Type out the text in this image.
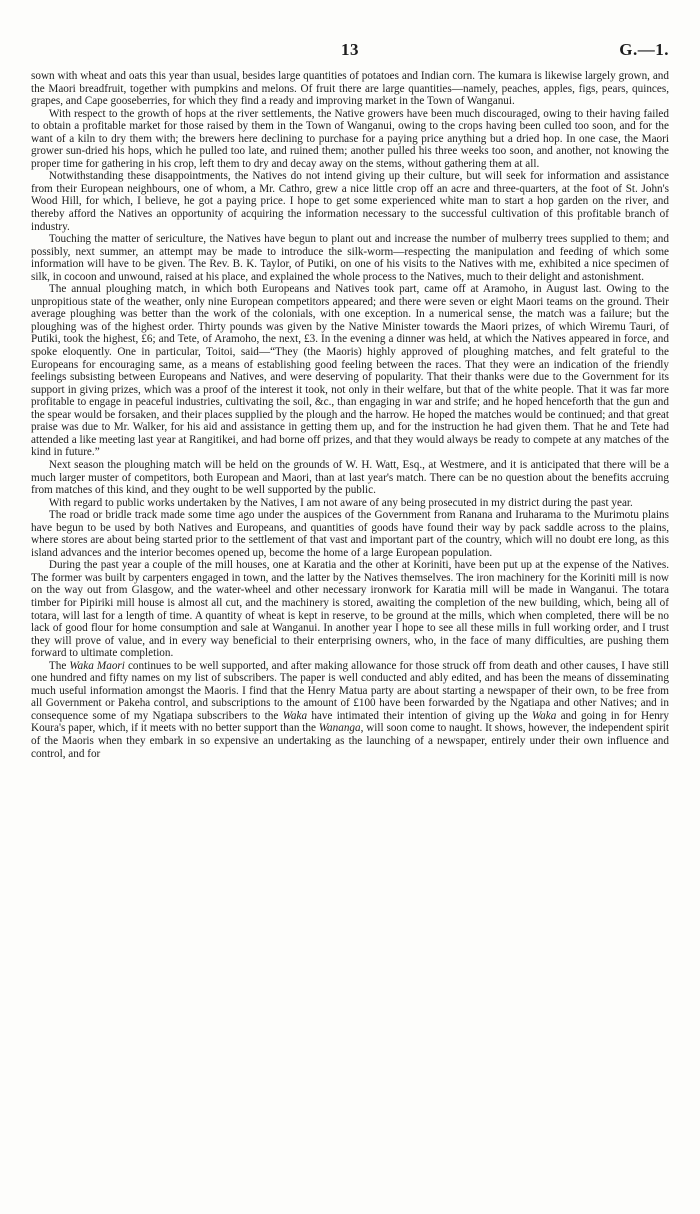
13	G.—1.

sown with wheat and oats this year than usual, besides large quantities of potatoes and Indian corn. The kumara is likewise largely grown, and the Maori breadfruit, together with pumpkins and melons. Of fruit there are large quantities—namely, peaches, apples, figs, pears, quinces, grapes, and Cape gooseberries, for which they find a ready and improving market in the Town of Wanganui.

With respect to the growth of hops at the river settlements, the Native growers have been much discouraged, owing to their having failed to obtain a profitable market for those raised by them in the Town of Wanganui, owing to the crops having been culled too soon, and for the want of a kiln to dry them with; the brewers here declining to purchase for a paying price anything but a dried hop. In one case, the Maori grower sun-dried his hops, which he pulled too late, and ruined them; another pulled his three weeks too soon, and another, not knowing the proper time for gathering in his crop, left them to dry and decay away on the stems, without gathering them at all.

Notwithstanding these disappointments, the Natives do not intend giving up their culture, but will seek for information and assistance from their European neighbours, one of whom, a Mr. Cathro, grew a nice little crop off an acre and three-quarters, at the foot of St. John's Wood Hill, for which, I believe, he got a paying price. I hope to get some experienced white man to start a hop garden on the river, and thereby afford the Natives an opportunity of acquiring the information necessary to the successful cultivation of this profitable branch of industry.

Touching the matter of sericulture, the Natives have begun to plant out and increase the number of mulberry trees supplied to them; and possibly, next summer, an attempt may be made to introduce the silk-worm—respecting the manipulation and feeding of which some information will have to be given. The Rev. B. K. Taylor, of Putiki, on one of his visits to the Natives with me, exhibited a nice specimen of silk, in cocoon and unwound, raised at his place, and explained the whole process to the Natives, much to their delight and astonishment.

The annual ploughing match, in which both Europeans and Natives took part, came off at Aramoho, in August last. Owing to the unpropitious state of the weather, only nine European competitors appeared; and there were seven or eight Maori teams on the ground. Their average ploughing was better than the work of the colonials, with one exception. In a numerical sense, the match was a failure; but the ploughing was of the highest order. Thirty pounds was given by the Native Minister towards the Maori prizes, of which Wiremu Tauri, of Putiki, took the highest, £6; and Tete, of Aramoho, the next, £3. In the evening a dinner was held, at which the Natives appeared in force, and spoke eloquently. One in particular, Toitoi, said—“They (the Maoris) highly approved of ploughing matches, and felt grateful to the Europeans for encouraging same, as a means of establishing good feeling between the races. That they were an indication of the friendly feelings subsisting between Europeans and Natives, and were deserving of popularity. That their thanks were due to the Government for its support in giving prizes, which was a proof of the interest it took, not only in their welfare, but that of the white people. That it was far more profitable to engage in peaceful industries, cultivating the soil, &c., than engaging in war and strife; and he hoped henceforth that the gun and the spear would be forsaken, and their places supplied by the plough and the harrow. He hoped the matches would be continued; and that great praise was due to Mr. Walker, for his aid and assistance in getting them up, and for the instruction he had given them. That he and Tete had attended a like meeting last year at Rangitikei, and had borne off prizes, and that they would always be ready to compete at any matches of the kind in future.”

Next season the ploughing match will be held on the grounds of W. H. Watt, Esq., at Westmere, and it is anticipated that there will be a much larger muster of competitors, both European and Maori, than at last year's match. There can be no question about the benefits accruing from matches of this kind, and they ought to be well supported by the public.

With regard to public works undertaken by the Natives, I am not aware of any being prosecuted in my district during the past year.

The road or bridle track made some time ago under the auspices of the Government from Ranana and Iruharama to the Murimotu plains have begun to be used by both Natives and Europeans, and quantities of goods have found their way by pack saddle across to the plains, where stores are about being started prior to the settlement of that vast and important part of the country, which will no doubt ere long, as this island advances and the interior becomes opened up, become the home of a large European population.

During the past year a couple of the mill houses, one at Karatia and the other at Koriniti, have been put up at the expense of the Natives. The former was built by carpenters engaged in town, and the latter by the Natives themselves. The iron machinery for the Koriniti mill is now on the way out from Glasgow, and the water-wheel and other necessary ironwork for Karatia mill will be made in Wanganui. The totara timber for Pipiriki mill house is almost all cut, and the machinery is stored, awaiting the completion of the new building, which, being all of totara, will last for a length of time. A quantity of wheat is kept in reserve, to be ground at the mills, which when completed, there will be no lack of good flour for home consumption and sale at Wanganui. In another year I hope to see all these mills in full working order, and I trust they will prove of value, and in every way beneficial to their enterprising owners, who, in the face of many difficulties, are pushing them forward to ultimate completion.

The Waka Maori continues to be well supported, and after making allowance for those struck off from death and other causes, I have still one hundred and fifty names on my list of subscribers. The paper is well conducted and ably edited, and has been the means of disseminating much useful information amongst the Maoris. I find that the Henry Matua party are about starting a newspaper of their own, to be free from all Government or Pakeha control, and subscriptions to the amount of £100 have been forwarded by the Ngatiapa and other Natives; and in consequence some of my Ngatiapa subscribers to the Waka have intimated their intention of giving up the Waka and going in for Henry Koura's paper, which, if it meets with no better support than the Wananga, will soon come to naught. It shows, however, the independent spirit of the Maoris when they embark in so expensive an undertaking as the launching of a newspaper, entirely under their own influence and control, and for
